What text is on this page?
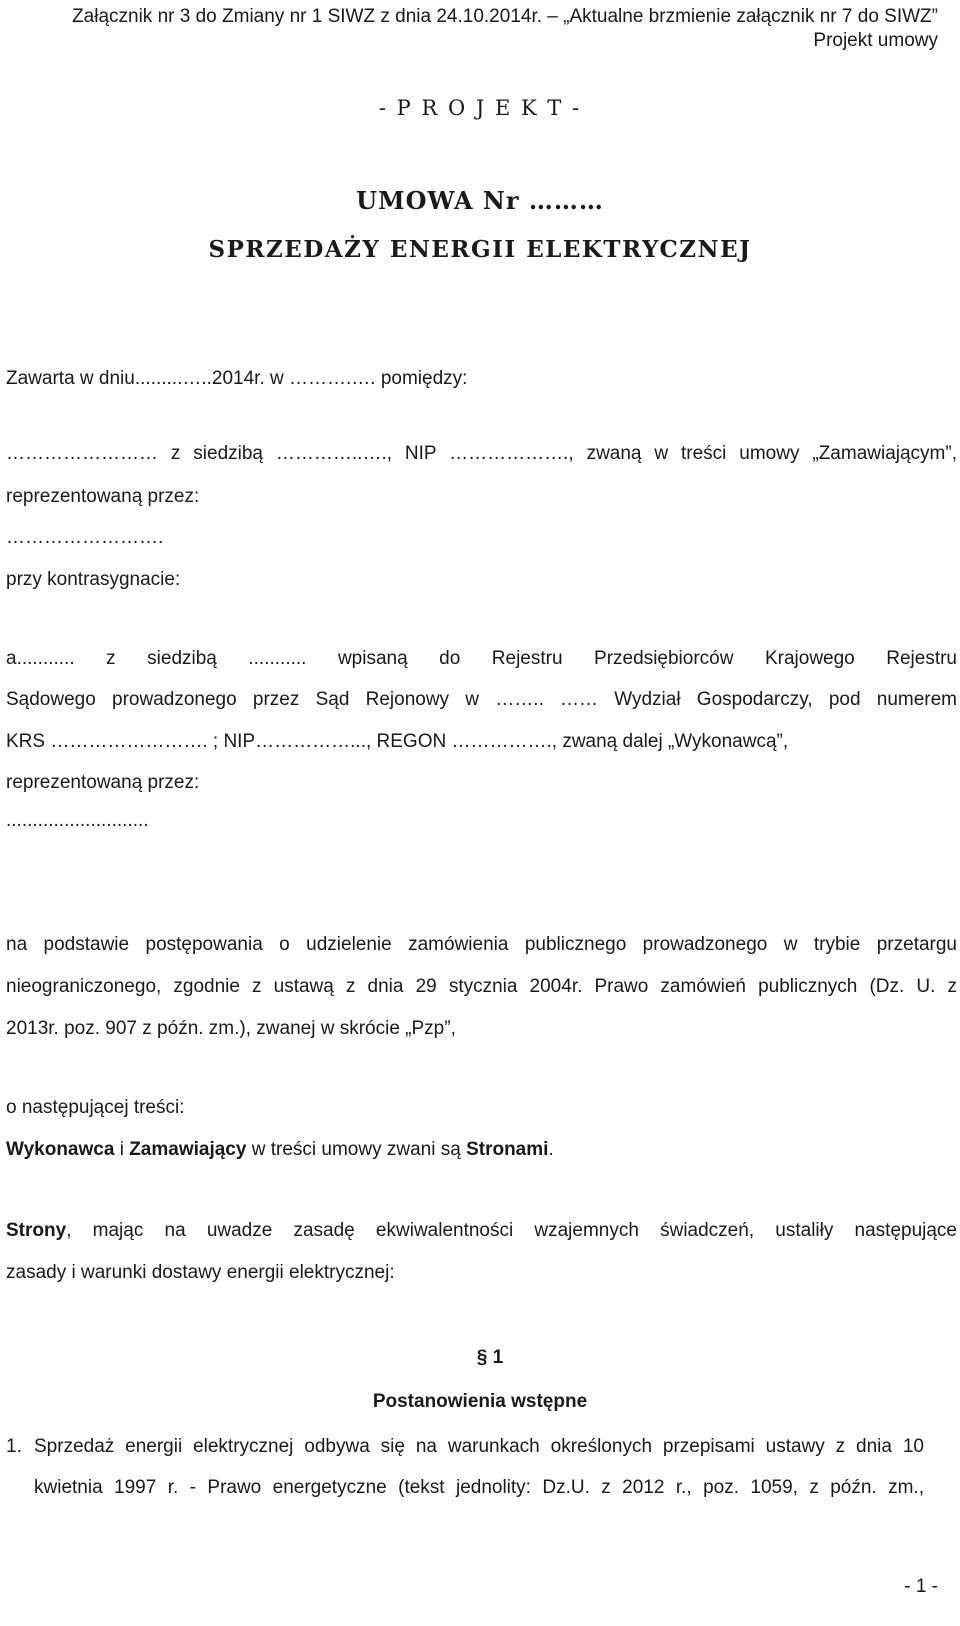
Załącznik nr 3 do Zmiany nr 1 SIWZ z dnia 24.10.2014r. – „Aktualne brzmienie załącznik nr 7 do SIWZ”
Projekt umowy
- P R O J E K T -
UMOWA Nr ………
SPRZEDAŻY ENERGII ELEKTRYCZNEJ
Zawarta w dniu.........…..2014r. w ……….…. pomiędzy:
…………………… z siedzibą …………..…., NIP ………………., zwaną w treści umowy „Zamawiającym”,
reprezentowaną przez:
…………………….
przy kontrasygnacie:
a........... z siedzibą ........... wpisaną do Rejestru Przedsiębiorców Krajowego Rejestru
Sądowego prowadzonego przez Sąd Rejonowy w …….. …… Wydział Gospodarczy, pod numerem
KRS ……………………. ; NIP……………..., REGON ……………., zwaną dalej „Wykonawcą”,
reprezentowaną przez:
...........................
na podstawie postępowania o udzielenie zamówienia publicznego prowadzonego w trybie przetargu
nieograniczonego, zgodnie z ustawą z dnia 29 stycznia 2004r. Prawo zamówień publicznych (Dz. U. z
2013r. poz. 907 z późn. zm.), zwanej w skrócie „Pzp”,
o następującej treści:
Wykonawca i Zamawiający w treści umowy zwani są Stronami.
Strony, mając na uwadze zasadę ekwiwalentności wzajemnych świadczeń, ustaliły następujące
zasady i warunki dostawy energii elektrycznej:
§ 1
Postanowienia wstępne
1. Sprzedaż energii elektrycznej odbywa się na warunkach określonych przepisami ustawy z dnia 10
kwietnia 1997 r. - Prawo energetyczne (tekst jednolity: Dz.U. z 2012 r., poz. 1059, z późn. zm.,
- 1 -
